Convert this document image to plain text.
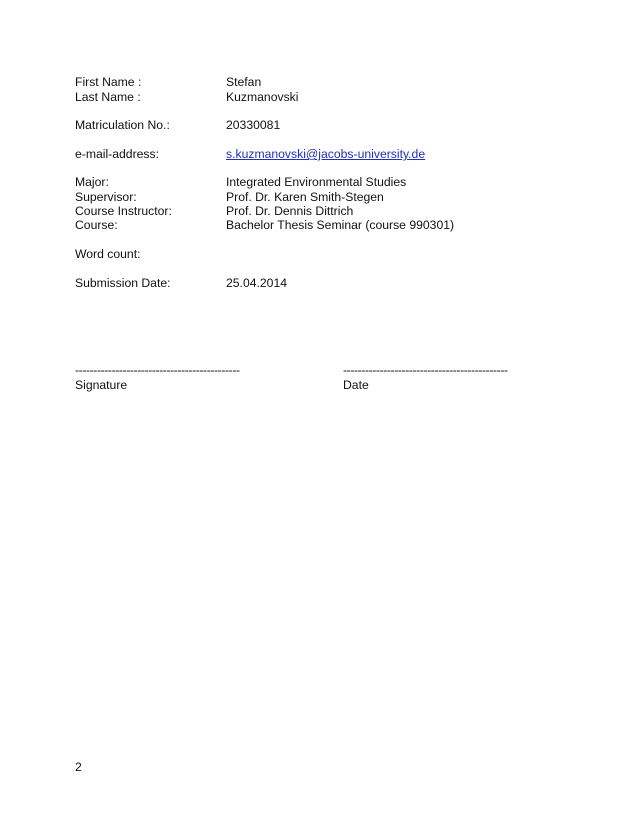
First Name :	Stefan
Last Name :	Kuzmanovski
Matriculation No.:	20330081
e-mail-address:	s.kuzmanovski@jacobs-university.de
Major:	Integrated Environmental Studies
Supervisor:	Prof. Dr. Karen Smith-Stegen
Course Instructor:	Prof. Dr. Dennis Dittrich
Course:	Bachelor Thesis Seminar (course 990301)
Word count:
Submission Date:	25.04.2014
---------------------------------------------
Signature
---------------------------------------------
Date
2
